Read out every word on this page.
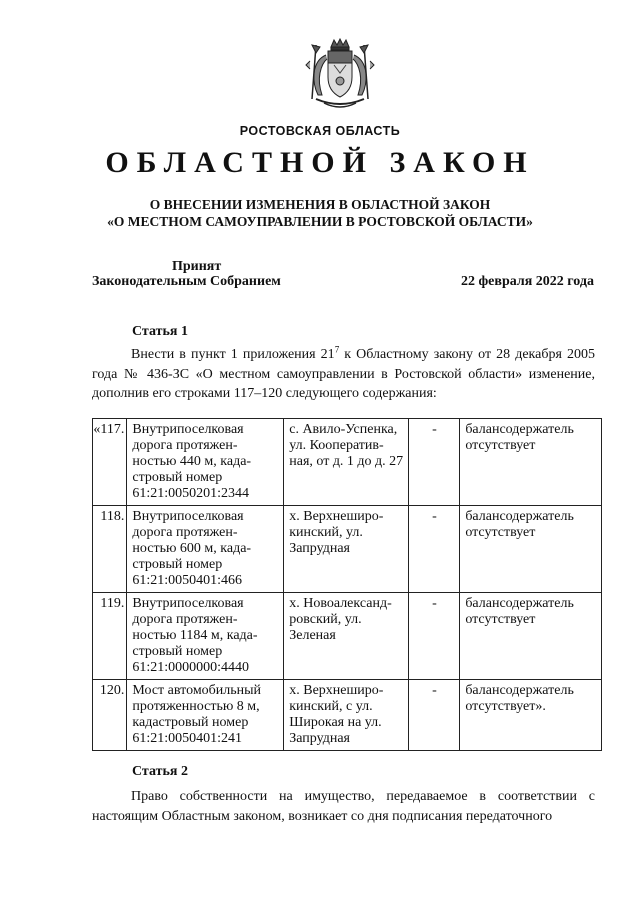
РОСТОВСКАЯ ОБЛАСТЬ
ОБЛАСТНОЙ ЗАКОН
О ВНЕСЕНИИ ИЗМЕНЕНИЯ В ОБЛАСТНОЙ ЗАКОН
«О МЕСТНОМ САМОУПРАВЛЕНИИ В РОСТОВСКОЙ ОБЛАСТИ»
Принят
Законодательным Собранием	22 февраля 2022 года
Статья 1
Внести в пункт 1 приложения $21^7$ к Областному закону от 28 декабря 2005 года № 436-ЗС «О местном самоуправлении в Ростовской области» изменение, дополнив его строками 117–120 следующего содержания:
«117.	Внутрипоселковая дорога протяжен-ностью 440 м, када-стровый номер 61:21:0050201:2344	с. Авило-Успенка, ул. Кооператив-ная, от д. 1 до д. 27	-	балансодержатель отсутствует
118.	Внутрипоселковая дорога протяжен-ностью 600 м, када-стровый номер 61:21:0050401:466	х. Верхнеширо-кинский, ул. Запрудная	-	балансодержатель отсутствует
119.	Внутрипоселковая дорога протяжен-ностью 1184 м, када-стровый номер 61:21:0000000:4440	х. Новоалександ-ровский, ул. Зеленая	-	балансодержатель отсутствует
120.	Мост автомобильный протяженностью 8 м, кадастровый номер 61:21:0050401:241	х. Верхнеширо-кинский, с ул. Широкая на ул. Запрудная	-	балансодержатель отсутствует».
Статья 2
Право собственности на имущество, передаваемое в соответствии с настоящим Областным законом, возникает со дня подписания передаточного
